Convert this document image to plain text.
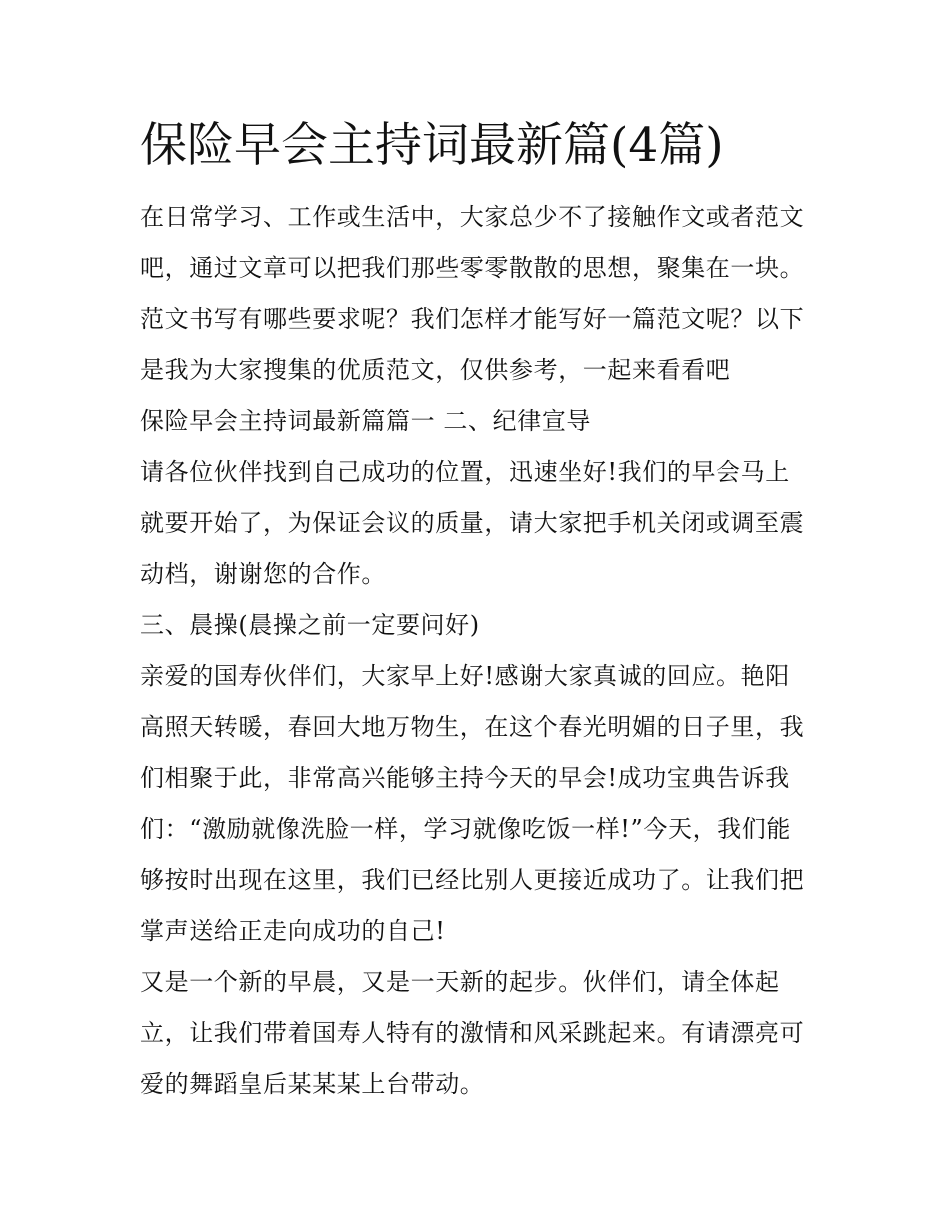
保险早会主持词最新篇(4篇)

在日常学习、工作或生活中，大家总少不了接触作文或者范文
吧，通过文章可以把我们那些零零散散的思想，聚集在一块。
范文书写有哪些要求呢？我们怎样才能写好一篇范文呢？以下
是我为大家搜集的优质范文，仅供参考，一起来看看吧

保险早会主持词最新篇篇一 二、纪律宣导

请各位伙伴找到自己成功的位置，迅速坐好!我们的早会马上
就要开始了，为保证会议的质量，请大家把手机关闭或调至震
动档，谢谢您的合作。

三、晨操(晨操之前一定要问好)

亲爱的国寿伙伴们，大家早上好!感谢大家真诚的回应。艳阳
高照天转暖，春回大地万物生，在这个春光明媚的日子里，我
们相聚于此，非常高兴能够主持今天的早会!成功宝典告诉我
们：“激励就像洗脸一样，学习就像吃饭一样!”今天，我们能
够按时出现在这里，我们已经比别人更接近成功了。让我们把
掌声送给正走向成功的自己!

又是一个新的早晨，又是一天新的起步。伙伴们，请全体起
立，让我们带着国寿人特有的激情和风采跳起来。有请漂亮可
爱的舞蹈皇后某某某上台带动。
